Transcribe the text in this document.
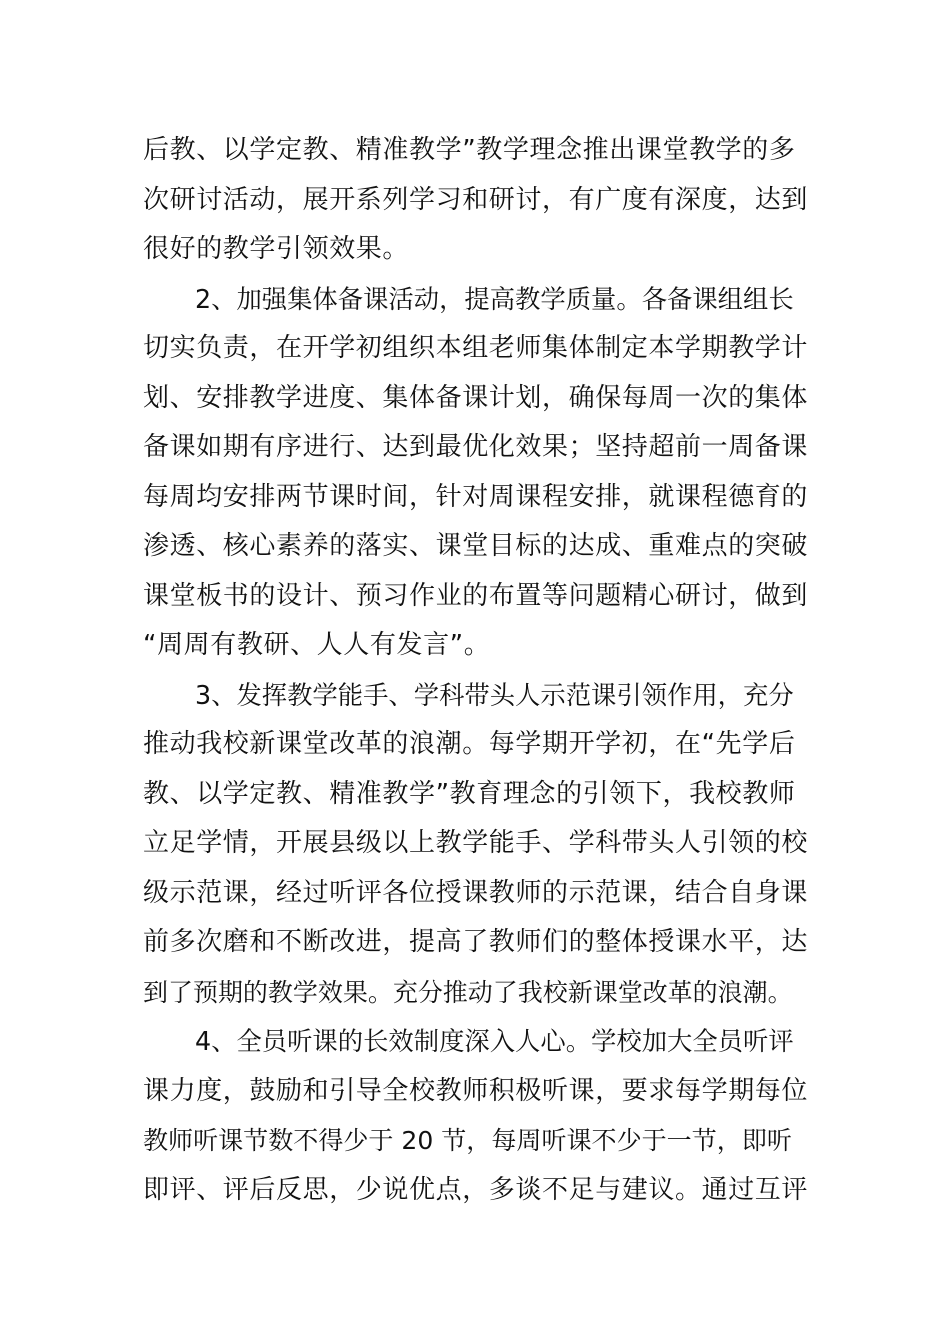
后教、以学定教、精准教学”教学理念推出课堂教学的多
次研讨活动，展开系列学习和研讨，有广度有深度，达到
很好的教学引领效果。
2、加强集体备课活动，提高教学质量。各备课组组长
切实负责，在开学初组织本组老师集体制定本学期教学计
划、安排教学进度、集体备课计划，确保每周一次的集体
备课如期有序进行、达到最优化效果；坚持超前一周备课
每周均安排两节课时间，针对周课程安排，就课程德育的
渗透、核心素养的落实、课堂目标的达成、重难点的突破
课堂板书的设计、预习作业的布置等问题精心研讨，做到
“周周有教研、人人有发言”。
3、发挥教学能手、学科带头人示范课引领作用，充分
推动我校新课堂改革的浪潮。每学期开学初，在“先学后
教、以学定教、精准教学”教育理念的引领下，我校教师
立足学情，开展县级以上教学能手、学科带头人引领的校
级示范课，经过听评各位授课教师的示范课，结合自身课
前多次磨和不断改进，提高了教师们的整体授课水平，达
到了预期的教学效果。充分推动了我校新课堂改革的浪潮。
4、全员听课的长效制度深入人心。学校加大全员听评
课力度，鼓励和引导全校教师积极听课，要求每学期每位
教师听课节数不得少于 20 节，每周听课不少于一节，即听
即评、评后反思，少说优点，多谈不足与建议。通过互评
